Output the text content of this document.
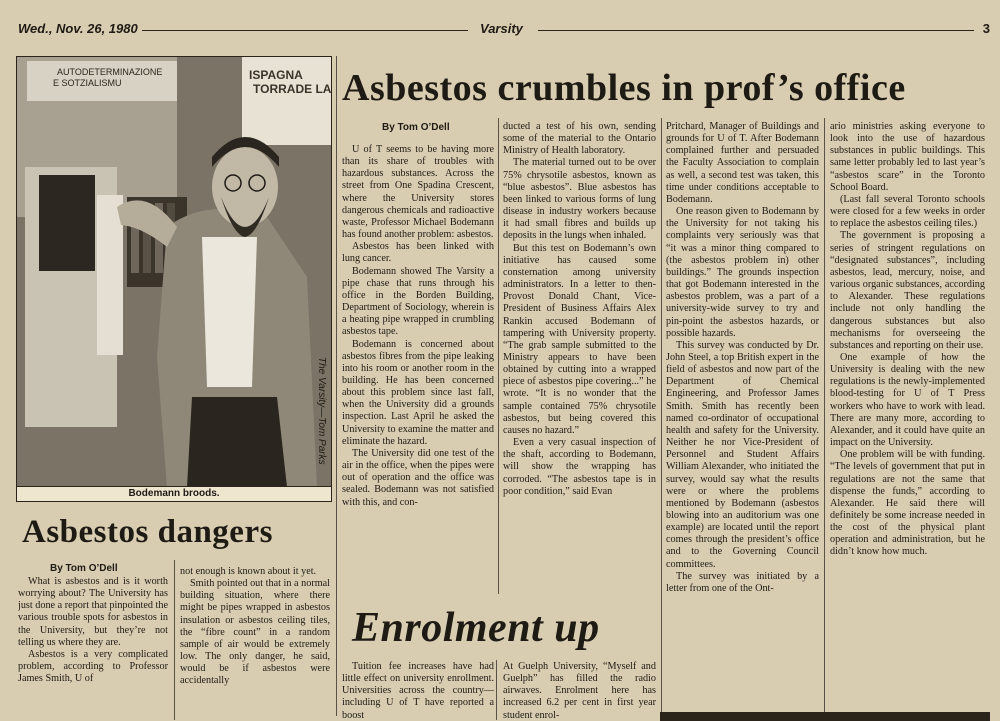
Wed., Nov. 26, 1980	Varsity	3
AUTODETERMINAZIONE E SOTZIALISMU
ISPAGNA TORRADE LA
The Varsity—Tom Parks
Bodemann broods.
Asbestos crumbles in prof’s office
By Tom O’Dell

U of T seems to be having more than its share of troubles with hazardous substances. Across the street from One Spadina Crescent, where the University stores dangerous chemicals and radioactive waste, Professor Michael Bodemann has found another problem: asbestos.

Asbestos has been linked with lung cancer.

Bodemann showed The Varsity a pipe chase that runs through his office in the Borden Building, Department of Sociology, wherein is a heating pipe wrapped in crumbling asbestos tape.

Bodemann is concerned about asbestos fibres from the pipe leaking into his room or another room in the building. He has been concerned about this problem since last fall, when the University did a grounds inspection. Last April he asked the University to examine the matter and eliminate the hazard.

The University did one test of the air in the office, when the pipes were out of operation and the office was sealed. Bodemann was not satisfied with this, and con-

ducted a test of his own, sending some of the material to the Ontario Ministry of Health laboratory.

The material turned out to be over 75% chrysotile asbestos, known as “blue asbestos”. Blue asbestos has been linked to various forms of lung disease in industry workers because it had small fibres and builds up deposits in the lungs when inhaled.

But this test on Bodemann’s own initiative has caused some consternation among university administrators. In a letter to then-Provost Donald Chant, Vice-President of Business Affairs Alex Rankin accused Bodemann of tampering with University property. “The grab sample submitted to the Ministry appears to have been obtained by cutting into a wrapped piece of asbestos pipe covering...” he wrote. “It is no wonder that the sample contained 75% chrysotile asbestos, but being covered this causes no hazard.”

Even a very casual inspection of the shaft, according to Bodemann, will show the wrapping has corroded. “The asbestos tape is in poor condition,” said Evan

Pritchard, Manager of Buildings and grounds for U of T. After Bodemann complained further and persuaded the Faculty Association to complain as well, a second test was taken, this time under conditions acceptable to Bodemann.

One reason given to Bodemann by the University for not taking his complaints very seriously was that “it was a minor thing compared to (the asbestos problem in) other buildings.” The grounds inspection that got Bodemann interested in the asbestos problem, was a part of a university-wide survey to try and pin-point the asbestos hazards, or possible hazards.

This survey was conducted by Dr. John Steel, a top British expert in the field of asbestos and now part of the Department of Chemical Engineering, and Professor James Smith. Smith has recently been named co-ordinator of occupational health and safety for the University. Neither he nor Vice-President of Personnel and Student Affairs William Alexander, who initiated the survey, would say what the results were or where the problems mentioned by Bodemann (asbestos blowing into an auditorium was one example) are located until the report comes through the president’s office and to the Governing Council committees.

The survey was initiated by a letter from one of the Ont-

ario ministries asking everyone to look into the use of hazardous substances in public buildings. This same letter probably led to last year’s “asbestos scare” in the Toronto School Board.

(Last fall several Toronto schools were closed for a few weeks in order to replace the asbestos ceiling tiles.)

The government is proposing a series of stringent regulations on “designated substances”, including asbestos, lead, mercury, noise, and various organic substances, according to Alexander. These regulations include not only handling the dangerous substances but also mechanisms for overseeing the substances and reporting on their use.

One example of how the University is dealing with the new regulations is the newly-implemented blood-testing for U of T Press workers who have to work with lead. There are many more, according to Alexander, and it could have quite an impact on the University.

One problem will be with funding. “The levels of government that put in regulations are not the same that dispense the funds,” according to Alexander. He said there will definitely be some increase needed in the cost of the physical plant operation and administration, but he didn’t know how much.

Asbestos dangers
By Tom O’Dell

What is asbestos and is it worth worrying about? The University has just done a report that pinpointed the various trouble spots for asbestos in the University, but they’re not telling us where they are.

Asbestos is a very complicated problem, according to Professor James Smith, U of

not enough is known about it yet.

Smith pointed out that in a normal building situation, where there might be pipes wrapped in asbestos insulation or asbestos ceiling tiles, the “fibre count” in a random sample of air would be extremely low. The only danger, he said, would be if asbestos were accidentally

Enrolment up

Tuition fee increases have had little effect on university enrollment. Universities across the country—including U of T have reported a boost

At Guelph University, “Myself and Guelph” has filled the radio airwaves. Enrolment here has increased 6.2 per cent in first year student enrol-
